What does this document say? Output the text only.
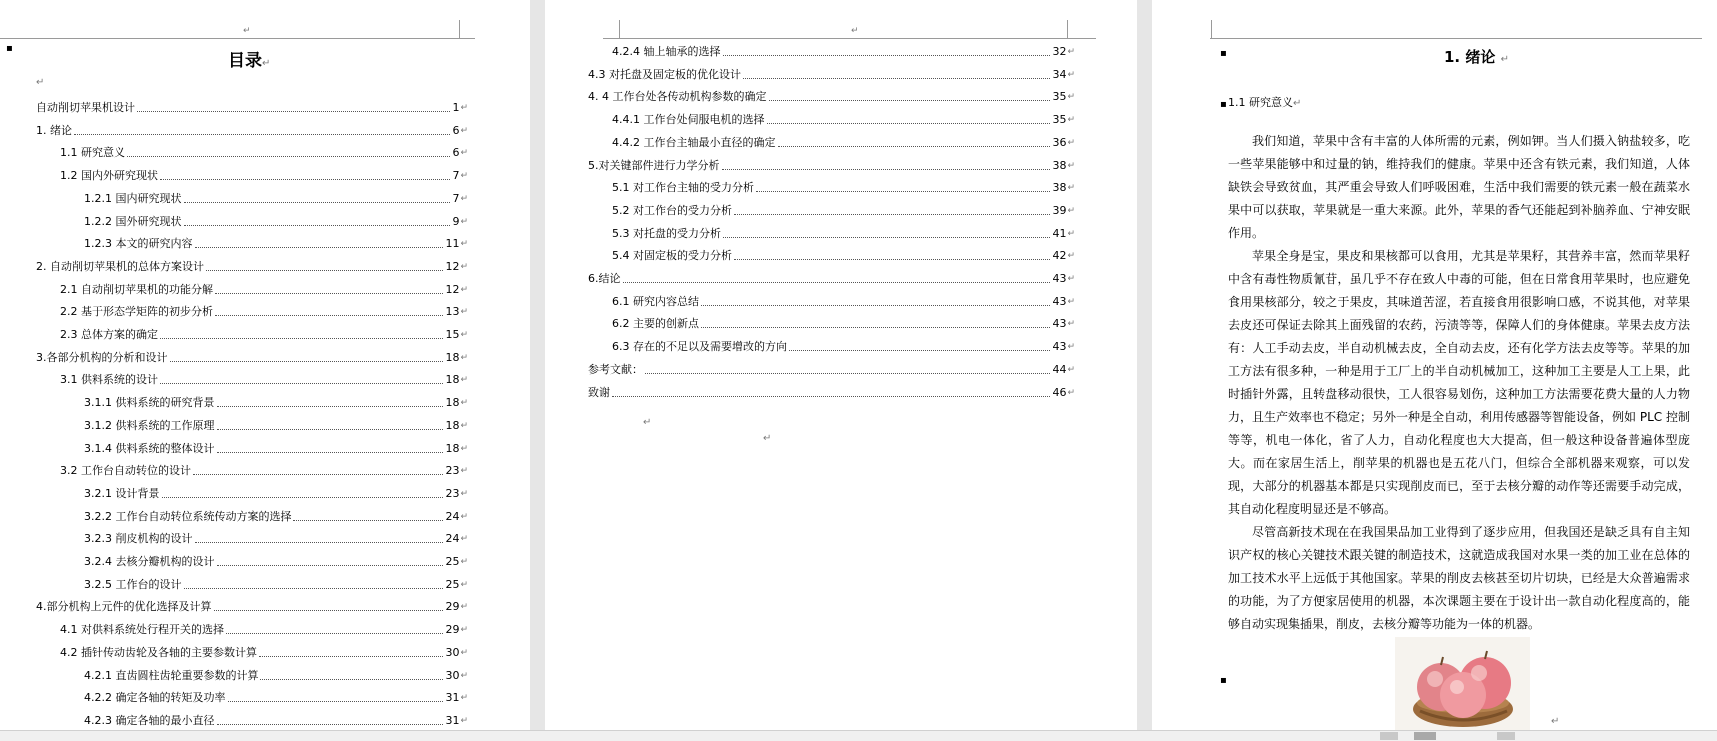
↵
▪
目录↵
↵
自动削切苹果机设计	1 ↵
1. 绪论	6 ↵
1.1 研究意义	6 ↵
1.2 国内外研究现状	7 ↵
1.2.1 国内研究现状	7 ↵
1.2.2 国外研究现状	9 ↵
1.2.3 本文的研究内容	11 ↵
2. 自动削切苹果机的总体方案设计	12 ↵
2.1 自动削切苹果机的功能分解	12 ↵
2.2 基于形态学矩阵的初步分析	13 ↵
2.3 总体方案的确定	15 ↵
3.各部分机构的分析和设计	18 ↵
3.1 供料系统的设计	18 ↵
3.1.1 供料系统的研究背景	18 ↵
3.1.2 供料系统的工作原理	18 ↵
3.1.4 供料系统的整体设计	18 ↵
3.2 工作台自动转位的设计	23 ↵
3.2.1 设计背景	23 ↵
3.2.2 工作台自动转位系统传动方案的选择	24 ↵
3.2.3 削皮机构的设计	24 ↵
3.2.4 去核分瓣机构的设计	25 ↵
3.2.5 工作台的设计	25 ↵
4.部分机构上元件的优化选择及计算	29 ↵
4.1 对供料系统处行程开关的选择	29 ↵
4.2 插针传动齿轮及各轴的主要参数计算	30 ↵
4.2.1 直齿圆柱齿轮重要参数的计算	30 ↵
4.2.2 确定各轴的转矩及功率	31 ↵
4.2.3 确定各轴的最小直径	31 ↵
↵
4.2.4 轴上轴承的选择	32 ↵
4.3 对托盘及固定板的优化设计	34 ↵
4. 4 工作台处各传动机构参数的确定	35 ↵
4.4.1 工作台处伺服电机的选择	35 ↵
4.4.2 工作台主轴最小直径的确定	36 ↵
5.对关键部件进行力学分析	38 ↵
5.1 对工作台主轴的受力分析	38 ↵
5.2 对工作台的受力分析	39 ↵
5.3 对托盘的受力分析	41 ↵
5.4 对固定板的受力分析	42 ↵
6.结论	43 ↵
6.1 研究内容总结	43 ↵
6.2 主要的创新点	43 ↵
6.3 存在的不足以及需要增改的方向	43 ↵
参考文献：	44 ↵
致谢	46 ↵
↵
↵
▪	1. 绪论 ↵
▪ 1.1 研究意义↵

我们知道，苹果中含有丰富的人体所需的元素，例如钾。当人们摄入钠盐较多，吃一些苹果能够中和过量的钠，维持我们的健康。苹果中还含有铁元素，我们知道，人体缺铁会导致贫血，其严重会导致人们呼吸困难，生活中我们需要的铁元素一般在蔬菜水果中可以获取，苹果就是一重大来源。此外，苹果的香气还能起到补脑养血、宁神安眠作用。

苹果全身是宝，果皮和果核都可以食用，尤其是苹果籽，其营养丰富，然而苹果籽中含有毒性物质氰苷，虽几乎不存在致人中毒的可能，但在日常食用苹果时，也应避免食用果核部分，较之于果皮，其味道苦涩，若直接食用很影响口感，不说其他，对苹果去皮还可保证去除其上面残留的农药，污渍等等，保障人们的身体健康。苹果去皮方法有：人工手动去皮，半自动机械去皮，全自动去皮，还有化学方法去皮等等。苹果的加工方法有很多种，一种是用于工厂上的半自动机械加工，这种加工主要是人工上果，此时插针外露，且转盘移动很快，工人很容易划伤，这种加工方法需要花费大量的人力物力，且生产效率也不稳定；另外一种是全自动，利用传感器等智能设备，例如 PLC 控制等等，机电一体化，省了人力，自动化程度也大大提高，但一般这种设备普遍体型庞大。而在家居生活上，削苹果的机器也是五花八门，但综合全部机器来观察，可以发现，大部分的机器基本都是只实现削皮而已，至于去核分瓣的动作等还需要手动完成，其自动化程度明显还是不够高。

尽管高新技术现在在我国果品加工业得到了逐步应用，但我国还是缺乏具有自主知识产权的核心关键技术跟关键的制造技术，这就造成我国对水果一类的加工业在总体的加工技术水平上远低于其他国家。苹果的削皮去核甚至切片切块，已经是大众普遍需求的功能，为了方便家居使用的机器，本次课题主要在于设计出一款自动化程度高的，能够自动实现集插果，削皮，去核分瓣等功能为一体的机器。

▪
↵
